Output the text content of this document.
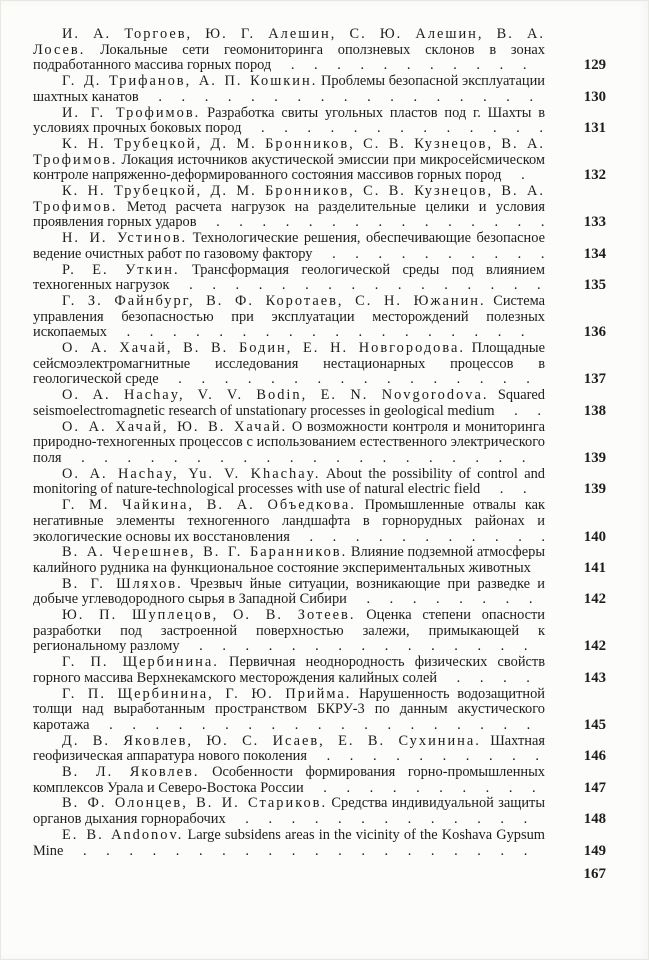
И. А. Торгоев, Ю. Г. Алешин, С. Ю. Алешин, В. А. Лосев. Локальные сети геомониторинга оползневых склонов в зонах подработанного массива горных пород . . . . . . . . . . .	129
Г. Д. Трифанов, А. П. Кошкин. Проблемы безопасной эксплуатации шахтных канатов . . . . . . . . . . . . . . . . .	130
И. Г. Трофимов. Разработка свиты угольных пластов под г. Шахты в условиях прочных боковых пород . . . . . . . . . . . . .	131
К. Н. Трубецкой, Д. М. Бронников, С. В. Кузнецов, В. А. Трофимов. Локация источников акустической эмиссии при микросейсмическом контроле напряженно-деформированного состояния массивов горных пород .	132
К. Н. Трубецкой, Д. М. Бронников, С. В. Кузнецов, В. А. Трофимов. Метод расчета нагрузок на разделительные целики и условия проявления горных ударов . . . . . . . . . . . . . . .	133
Н. И. Устинов. Технологические решения, обеспечивающие безопасное ведение очистных работ по газовому фактору . . . . . . . . . .	134
Р. Е. Уткин. Трансформация геологической среды под влиянием техногенных нагрузок . . . . . . . . . . . . . . . .	135
Г. З. Файнбург, В. Ф. Коротаев, С. Н. Южанин. Система управления безопасностью при эксплуатации месторождений полезных ископаемых . . . . . . . . . . . . . . . . . .	136
О. А. Хачай, В. В. Бодин, Е. Н. Новгородова. Площадные сейсмоэлектромагнитные исследования нестационарных процессов в геологической среде . . . . . . . . . . . . . . . .	137
O. A. Hachay, V. V. Bodin, E. N. Novgorodova. Squared seismoelectromagnetic research of unstationary processes in geological medium . .	138
О. А. Хачай, Ю. В. Хачай. О возможности контроля и мониторинга природно-техногенных процессов с использованием естественного электрического поля . . . . . . . . . . . . . . . . . . . .	139
O. A. Hachay, Yu. V. Khachay. About the possibility of control and monitoring of nature-technological processes with use of natural electric field . .	139
Г. М. Чайкина, В. А. Объедкова. Промышленные отвалы как негативные элементы техногенного ландшафта в горнорудных районах и экологические основы их восстановления . . . . . . . . . . .	140
В. А. Черешнев, В. Г. Баранников. Влияние подземной атмосферы калийного рудника на функциональное состояние экспериментальных животных	141
В. Г. Шляхов. Чрезвыч йные ситуации, возникающие при разведке и добыче углеводородного сырья в Западной Сибири . . . . . . . .	142
Ю. П. Шуплецов, О. В. Зотеев. Оценка степени опасности разработки под застроенной поверхностью залежи, примыкающей к региональному разлому . . . . . . . . . . . . . . .	142
Г. П. Щербинина. Первичная неоднородность физических свойств горного массива Верхнекамского месторождения калийных солей . . . .	143
Г. П. Щербинина, Г. Ю. Прийма. Нарушенность водозащитной толщи над выработанным пространством БКРУ-3 по данным акустического каротажа . . . . . . . . . . . . . . . . . . .	145
Д. В. Яковлев, Ю. С. Исаев, Е. В. Сухинина. Шахтная геофизическая аппаратура нового поколения . . . . . . . . . .	146
В. Л. Яковлев. Особенности формирования горно-промышленных комплексов Урала и Северо-Востока России . . . . . . . . . .	147
В. Ф. Олонцев, В. И. Стариков. Средства индивидуальной защиты органов дыхания горнорабочих . . . . . . . . . . . . .	148
E. B. Andonov. Large subsidens areas in the vicinity of the Koshava Gypsum Mine . . . . . . . . . . . . . . . . . . . .	149
167
